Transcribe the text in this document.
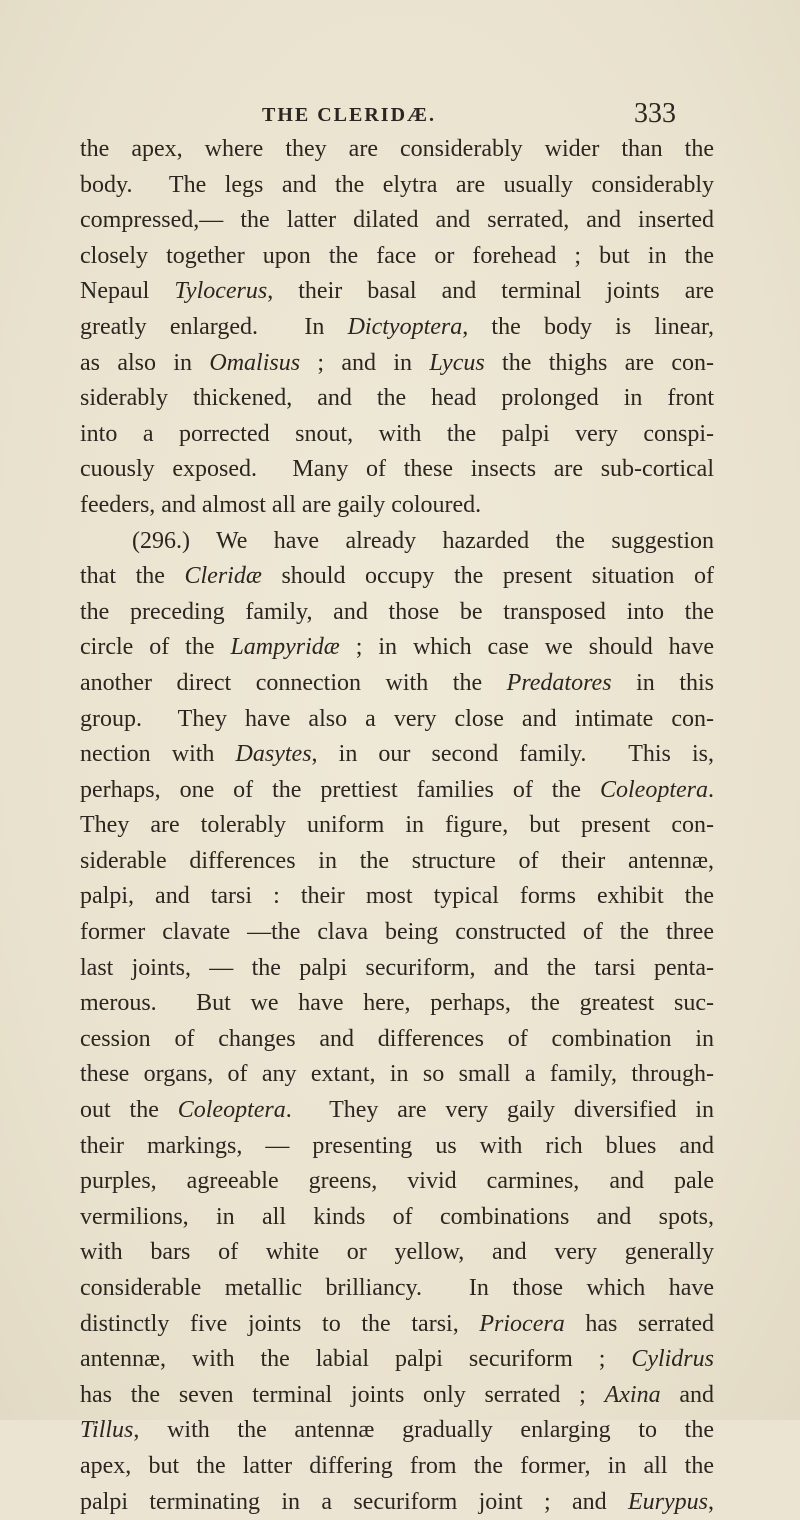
THE CLERIDÆ.	333
the apex, where they are considerably wider than the
body.  The legs and the elytra are usually considerably
compressed,— the latter dilated and serrated, and inserted
closely together upon the face or forehead ; but in the
Nepaul Tylocerus, their basal and terminal joints are
greatly enlarged.  In Dictyoptera, the body is linear,
as also in Omalisus ; and in Lycus the thighs are con-
siderably thickened, and the head prolonged in front
into a porrected snout, with the palpi very conspi-
cuously exposed.  Many of these insects are sub-cortical
feeders, and almost all are gaily coloured.
(296.) We have already hazarded the suggestion
that the Cleridæ should occupy the present situation of
the preceding family, and those be transposed into the
circle of the Lampyridæ ; in which case we should have
another direct connection with the Predatores in this
group.  They have also a very close and intimate con-
nection with Dasytes, in our second family.  This is,
perhaps, one of the prettiest families of the Coleoptera.
They are tolerably uniform in figure, but present con-
siderable differences in the structure of their antennæ,
palpi, and tarsi : their most typical forms exhibit the
former clavate —the clava being constructed of the three
last joints, — the palpi securiform, and the tarsi penta-
merous.  But we have here, perhaps, the greatest suc-
cession of changes and differences of combination in
these organs, of any extant, in so small a family, through-
out the Coleoptera.  They are very gaily diversified in
their markings, — presenting us with rich blues and
purples, agreeable greens, vivid carmines, and pale
vermilions, in all kinds of combinations and spots,
with bars of white or yellow, and very generally
considerable metallic brilliancy.  In those which have
distinctly five joints to the tarsi, Priocera has serrated
antennæ, with the labial palpi securiform ; Cylidrus
has the seven terminal joints only serrated ; Axina and
Tillus, with the antennæ gradually enlarging to the
apex, but the latter differing from the former, in all the
palpi terminating in a securiform joint ; and Eurypus,
